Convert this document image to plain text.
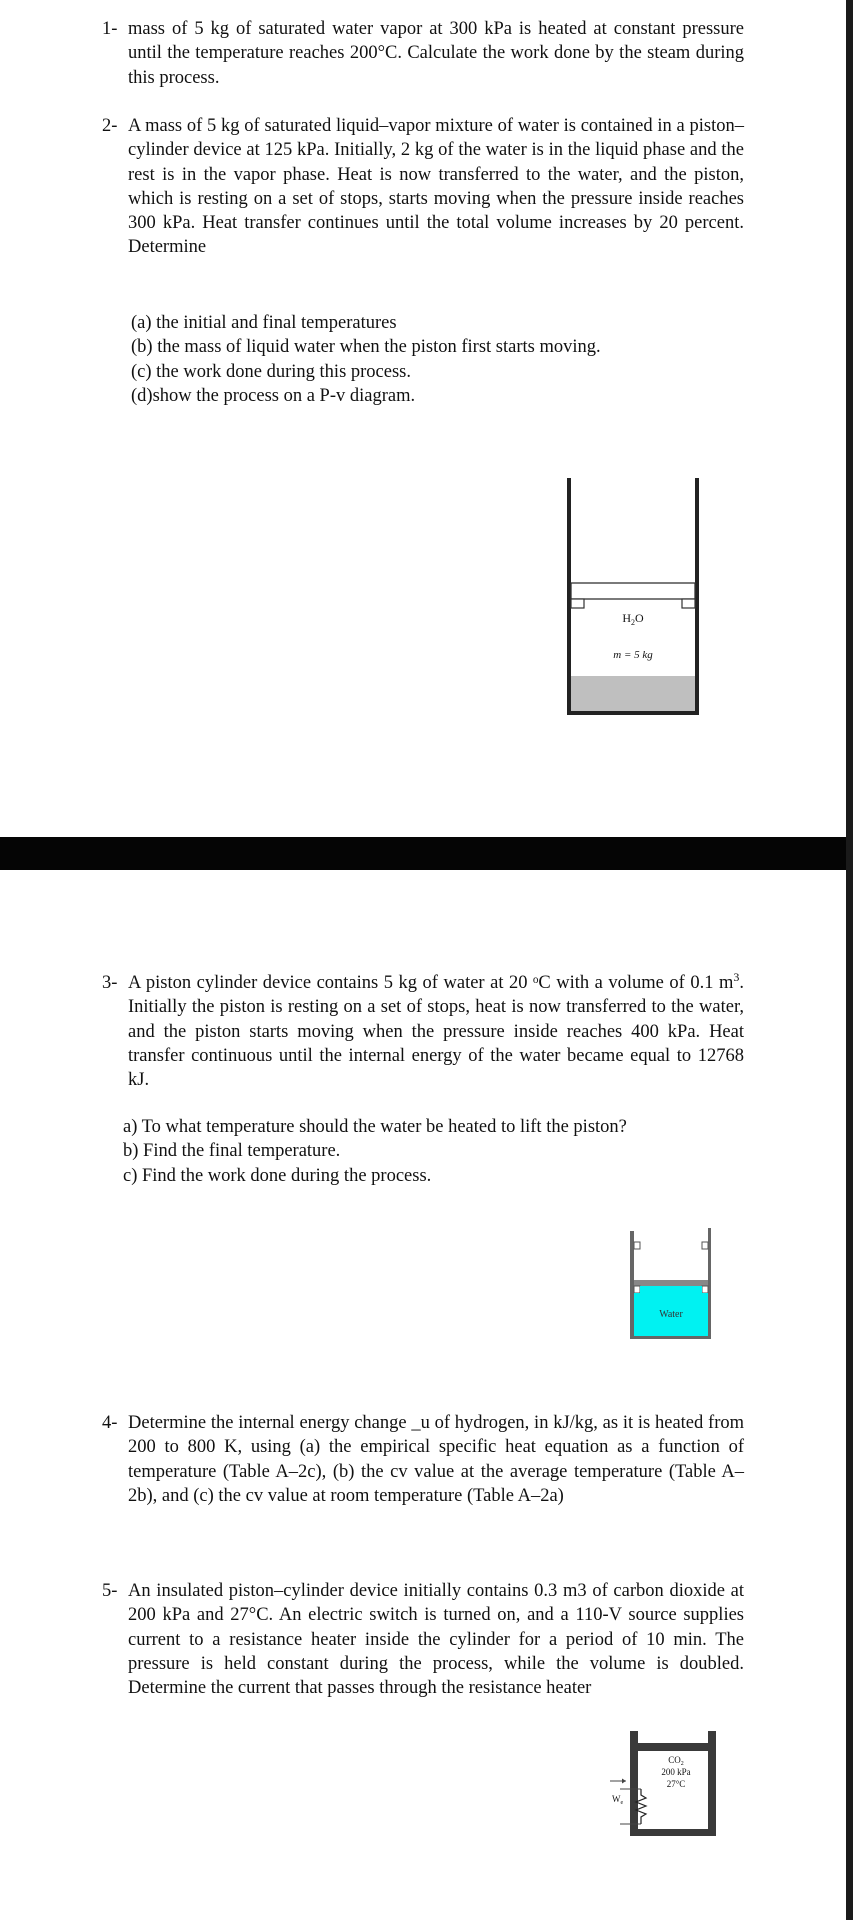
1- mass of 5 kg of saturated water vapor at 300 kPa is heated at constant pressure until the temperature reaches 200°C. Calculate the work done by the steam during this process.
2- A mass of 5 kg of saturated liquid–vapor mixture of water is contained in a piston–cylinder device at 125 kPa. Initially, 2 kg of the water is in the liquid phase and the rest is in the vapor phase. Heat is now transferred to the water, and the piston, which is resting on a set of stops, starts moving when the pressure inside reaches 300 kPa. Heat transfer continues until the total volume increases by 20 percent. Determine
(a) the initial and final temperatures
(b) the mass of liquid water when the piston first starts moving.
(c) the work done during this process.
(d)show the process on a P-v diagram.
$H_2O$
m = 5 kg
3- A piston cylinder device contains 5 kg of water at 20 ᵒC with a volume of 0.1 $m^3$. Initially the piston is resting on a set of stops, heat is now transferred to the water, and the piston starts moving when the pressure inside reaches 400 kPa. Heat transfer continuous until the internal energy of the water became equal to 12768 kJ.
a) To what temperature should the water be heated to lift the piston?
b) Find the final temperature.
c) Find the work done during the process.
Water
4- Determine the internal energy change _u of hydrogen, in kJ/kg, as it is heated from 200 to 800 K, using (a) the empirical specific heat equation as a function of temperature (Table A–2c), (b) the cv value at the average temperature (Table A–2b), and (c) the cv value at room temperature (Table A–2a)
5- An insulated piston–cylinder device initially contains 0.3 m3 of carbon dioxide at 200 kPa and 27°C. An electric switch is turned on, and a 110-V source supplies current to a resistance heater inside the cylinder for a period of 10 min. The pressure is held constant during the process, while the volume is doubled. Determine the current that passes through the resistance heater
$CO_2$
200 kPa
27°C
$W_e$
